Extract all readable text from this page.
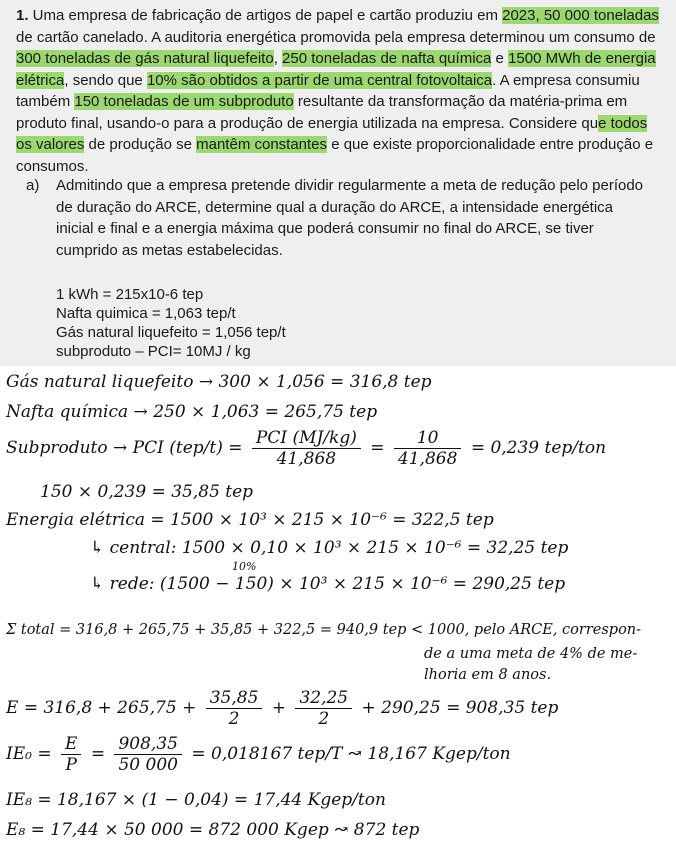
1. Uma empresa de fabricação de artigos de papel e cartão produziu em 2023, 50 000 toneladas de cartão canelado. A auditoria energética promovida pela empresa determinou um consumo de 300 toneladas de gás natural liquefeito, 250 toneladas de nafta química e 1500 MWh de energia elétrica, sendo que 10% são obtidos a partir de uma central fotovoltaica. A empresa consumiu também 150 toneladas de um subproduto resultante da transformação da matéria-prima em produto final, usando-o para a produção de energia utilizada na empresa. Considere que todos os valores de produção se mantêm constantes e que existe proporcionalidade entre produção e consumos.
a) Admitindo que a empresa pretende dividir regularmente a meta de redução pelo período de duração do ARCE, determine qual a duração do ARCE, a intensidade energética inicial e final e a energia máxima que poderá consumir no final do ARCE, se tiver cumprido as metas estabelecidas.
1 kWh = 215x10-6 tep
Nafta quimica = 1,063 tep/t
Gás natural liquefeito = 1,056 tep/t
subproduto – PCI= 10MJ / kg
Gás natural liquefeito → 300 × 1,056 = 316,8 tep
Nafta química → 250 × 1,063 = 265,75 tep
Subproduto → PCI $(tep/t) = \frac{\text{PCI (MJ/kg)}}{41,868} = \frac{10}{41,868} = 0,239$ tep/ton
150 × 0,239 = 35,85 tep
Energia elétrica = 1500 × 10³ × 215 × 10⁻⁶ = 322,5 tep
↳ central: 1500 × 0,10 × 10³ × 215 × 10⁻⁶ = 32,25 tep
10%
↳ rede: (1500 − 150) × 10³ × 215 × 10⁻⁶ = 290,25 tep
Σ total = 316,8 + 265,75 + 35,85 + 322,5 = 940,9 tep < 1000, pelo ARCE, correspon-
de a uma meta de 4% de me-
lhoria em 8 anos.
$E = 316,8 + 265,75 + \frac{35,85}{2} + \frac{32,25}{2} + 290,25 = 908,35$ tep
$IE_0 = \frac{E}{P} = \frac{908,35}{50 000} = 0,018167$ tep/T ↝ 18,167 Kgep/ton
IE₈ = 18,167 × (1 − 0,04) = 17,44 Kgep/ton
E₈ = 17,44 × 50 000 = 872 000 Kgep ↝ 872 tep
